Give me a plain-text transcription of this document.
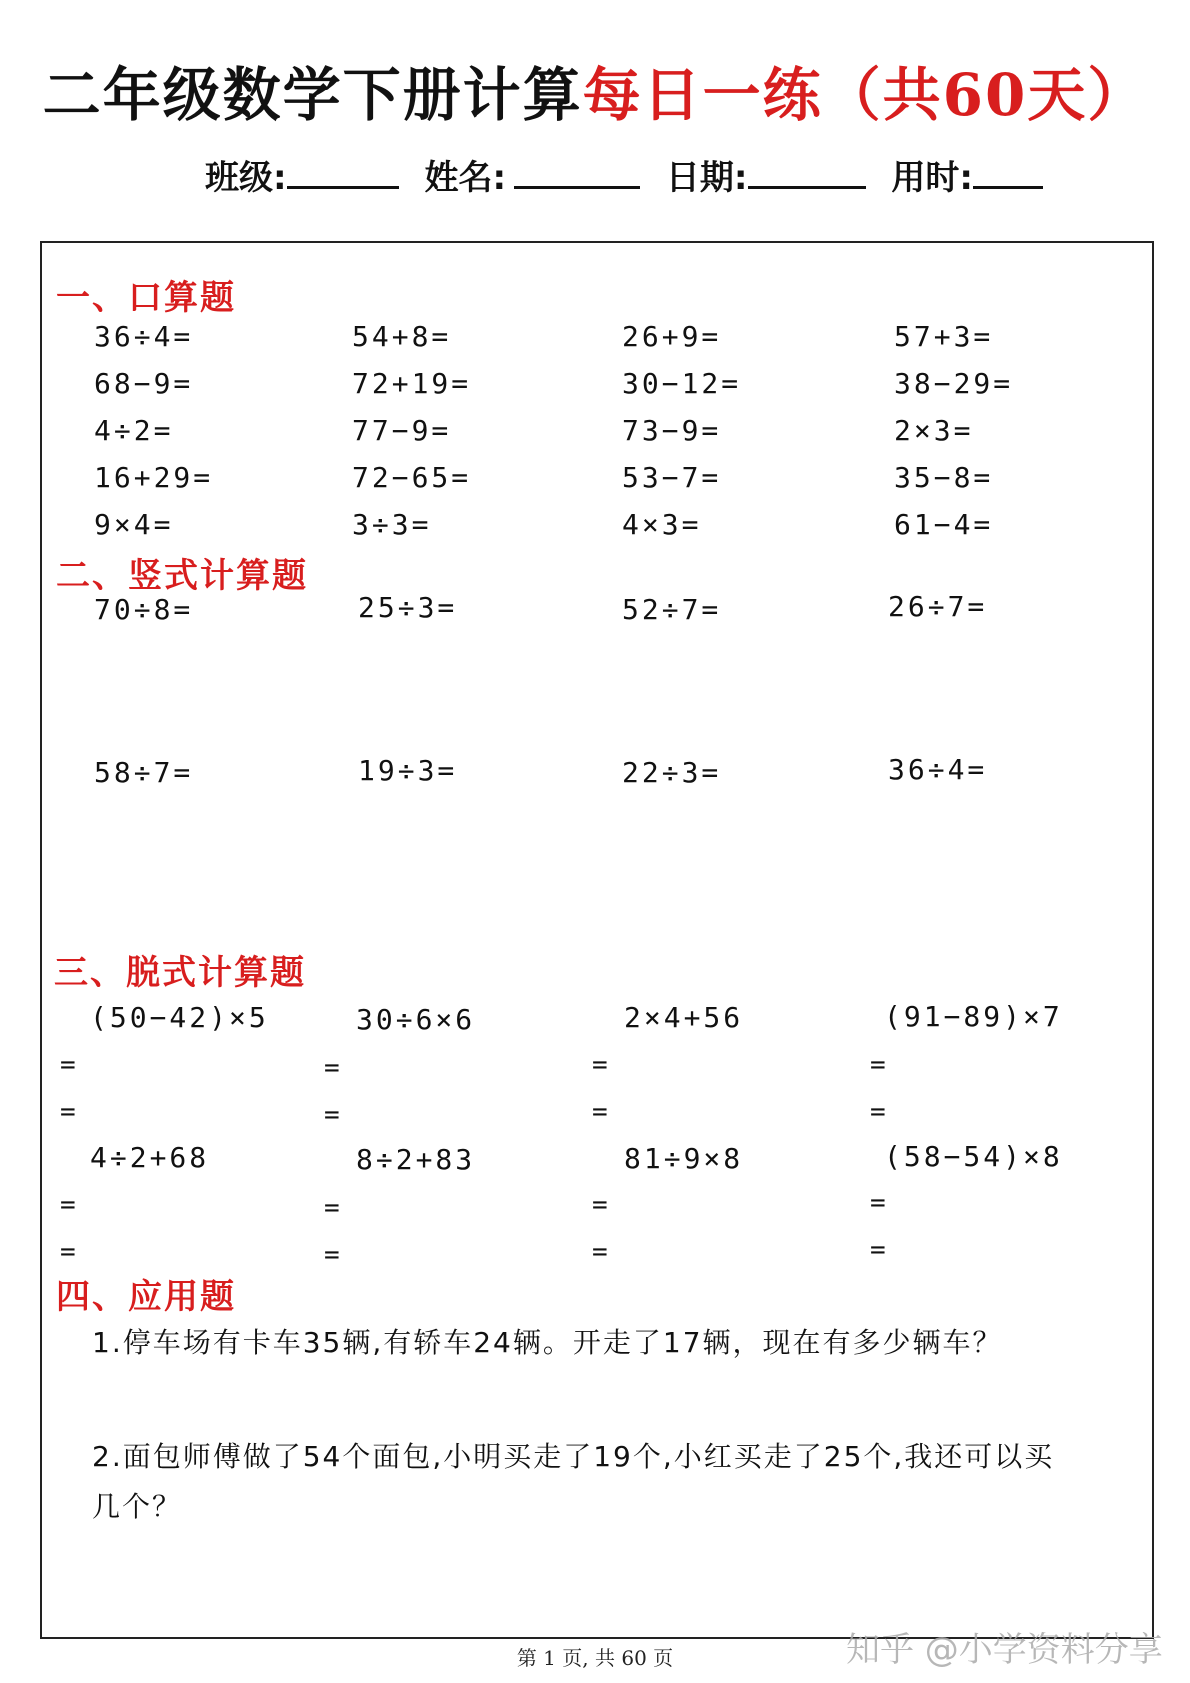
二年级数学下册计算每日一练（共60天）
班级:	姓名:	日期:	用时:
一、口算题
36÷4=	54+8=	26+9=	57+3=
68−9=	72+19=	30−12=	38−29=
4÷2=	77−9=	73−9=	2×3=
16+29=	72−65=	53−7=	35−8=
9×4=	3÷3=	4×3=	61−4=
二、竖式计算题
70÷8=	25÷3=	52÷7=	26÷7=
58÷7=	19÷3=	22÷3=	36÷4=
三、脱式计算题
(50−42)×5	30÷6×6	2×4+56	(91−89)×7
=	=	=	=
=	=	=	=
4÷2+68	8÷2+83	81÷9×8	(58−54)×8
=	=	=	=
=	=	=	=
四、应用题
1.停车场有卡车35辆,有轿车24辆。开走了17辆，现在有多少辆车？
2.面包师傅做了54个面包,小明买走了19个,小红买走了25个,我还可以买几个？
第 1 页, 共 60 页	知乎 @小学资料分享
